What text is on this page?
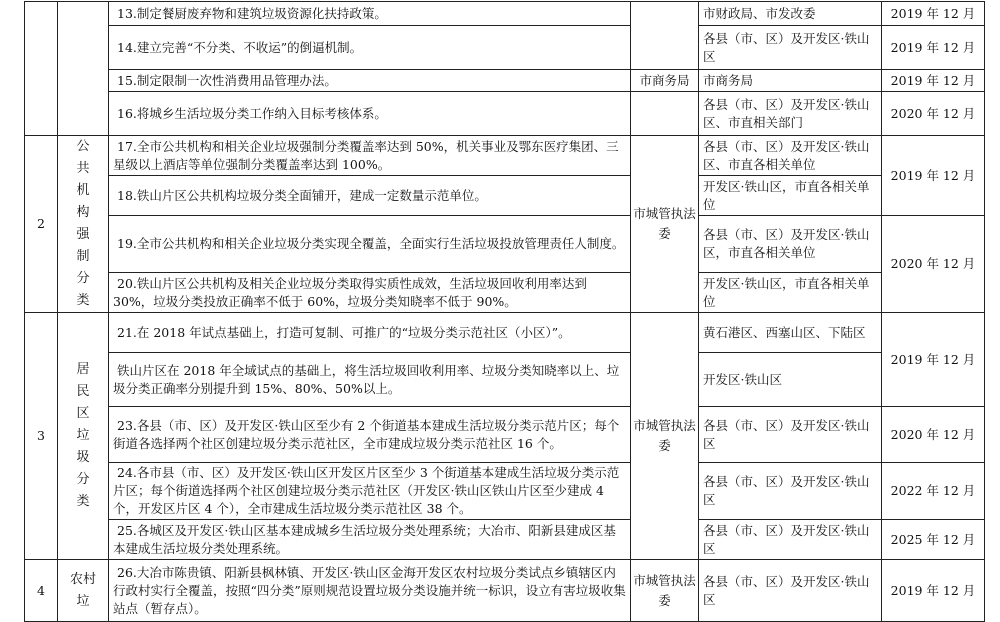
		13.制定餐厨废弃物和建筑垃圾资源化扶持政策。		市财政局、市发改委	2019 年 12 月
		14.建立完善“不分类、不收运”的倒逼机制。		各县（市、区）及开发区·铁山区	2019 年 12 月
		15.制定限制一次性消费用品管理办法。	市商务局	市商务局	2019 年 12 月
		16.将城乡生活垃圾分类工作纳入目标考核体系。		各县（市、区）及开发区·铁山区、市直相关部门	2020 年 12 月
2	公共机构强制分类	17.全市公共机构和相关企业垃圾强制分类覆盖率达到 50%，机关事业及鄂东医疗集团、三星级以上酒店等单位强制分类覆盖率达到 100%。	市城管执法委	各县（市、区）及开发区·铁山区、市直各相关单位	2019 年 12 月
		18.铁山片区公共机构垃圾分类全面铺开，建成一定数量示范单位。		开发区·铁山区，市直各相关单位	
		19.全市公共机构和相关企业垃圾分类实现全覆盖，全面实行生活垃圾投放管理责任人制度。		各县（市、区）及开发区·铁山区，市直各相关单位	2020 年 12 月
		20.铁山片区公共机构及相关企业垃圾分类取得实质性成效，生活垃圾回收利用率达到 30%，垃圾分类投放正确率不低于 60%，垃圾分类知晓率不低于 90%。		开发区·铁山区，市直各相关单位	
3	居民区垃圾分类	21.在 2018 年试点基础上，打造可复制、可推广的“垃圾分类示范社区（小区）”。	市城管执法委	黄石港区、西塞山区、下陆区	2019 年 12 月
		铁山片区在 2018 年全域试点的基础上，将生活垃圾回收利用率、垃圾分类知晓率以上、垃圾分类正确率分别提升到 15%、80%、50%以上。		开发区·铁山区	
		23.各县（市、区）及开发区·铁山区至少有 2 个街道基本建成生活垃圾分类示范片区；每个街道各选择两个社区创建垃圾分类示范社区，全市建成垃圾分类示范社区 16 个。		各县（市、区）及开发区·铁山区	2020 年 12 月
		24.各市县（市、区）及开发区·铁山区开发区片区至少 3 个街道基本建成生活垃圾分类示范片区；每个街道选择两个社区创建垃圾分类示范社区（开发区·铁山区铁山片区至少建成 4 个，开发区片区 4 个），全市建成生活垃圾分类示范社区 38 个。		各县（市、区）及开发区·铁山区	2022 年 12 月
		25.各城区及开发区·铁山区基本建成城乡生活垃圾分类处理系统；大冶市、阳新县建成区基本建成生活垃圾分类处理系统。		各县（市、区）及开发区·铁山区	2025 年 12 月
4	农村垃	26.大冶市陈贵镇、阳新县枫林镇、开发区·铁山区金海开发区农村垃圾分类试点乡镇辖区内行政村实行全覆盖，按照“四分类”原则规范设置垃圾分类设施并统一标识，设立有害垃圾收集站点（暂存点）。	市城管执法委	各县（市、区）及开发区·铁山区	2019 年 12 月
